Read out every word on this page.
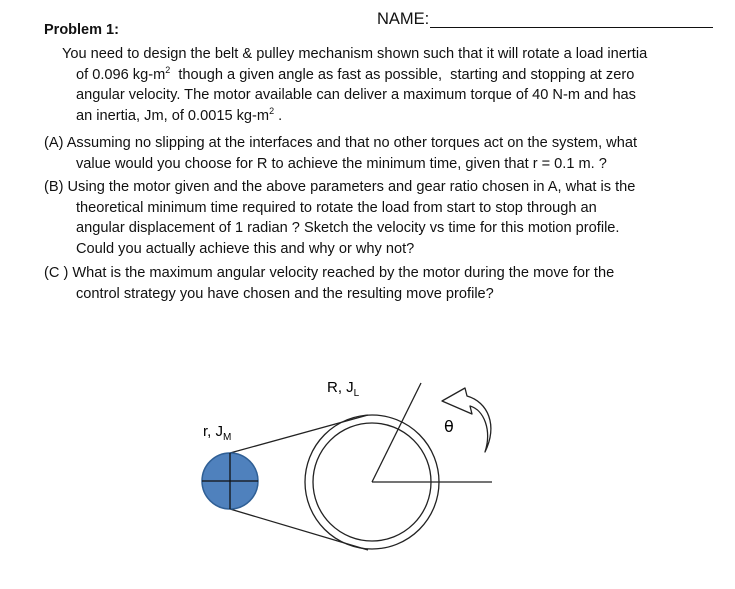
Problem 1:
NAME:
You need to design the belt & pulley mechanism shown such that it will rotate a load inertia
of 0.096 $kg-m^2$  though a given angle as fast as possible,  starting and stopping at zero
angular velocity. The motor available can deliver a maximum torque of 40 N-m and has
an inertia, Jm, of 0.0015 $kg-m^2$ .
(A) Assuming no slipping at the interfaces and that no other torques act on the system, what
value would you choose for R to achieve the minimum time, given that r = 0.1 m. ?
(B) Using the motor given and the above parameters and gear ratio chosen in A, what is the
theoretical minimum time required to rotate the load from start to stop through an
angular displacement of 1 radian ? Sketch the velocity vs time for this motion profile.
Could you actually achieve this and why or why not?
(C ) What is the maximum angular velocity reached by the motor during the move for the
control strategy you have chosen and the resulting move profile?
r, $J_M$
R, $J_L$
θ
